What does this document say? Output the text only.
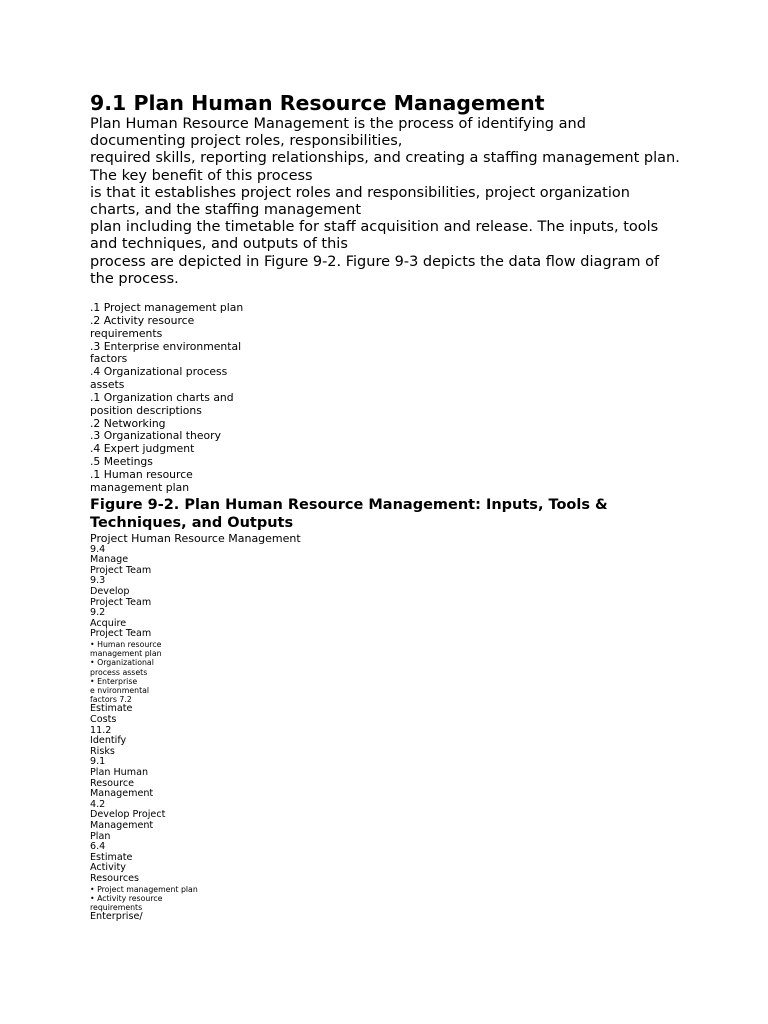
9.1 Plan Human Resource Management

Plan Human Resource Management is the process of identifying and
documenting project roles, responsibilities,
required skills, reporting relationships, and creating a staffing management plan.
The key benefit of this process
is that it establishes project roles and responsibilities, project organization
charts, and the staffing management
plan including the timetable for staff acquisition and release. The inputs, tools
and techniques, and outputs of this
process are depicted in Figure 9-2. Figure 9-3 depicts the data flow diagram of
the process.

.1 Project management plan
.2 Activity resource
requirements
.3 Enterprise environmental
factors
.4 Organizational process
assets
.1 Organization charts and
position descriptions
.2 Networking
.3 Organizational theory
.4 Expert judgment
.5 Meetings
.1 Human resource
management plan
Figure 9-2. Plan Human Resource Management: Inputs, Tools &
Techniques, and Outputs
Project Human Resource Management
9.4
Manage
Project Team
9.3
Develop
Project Team
9.2
Acquire
Project Team
• Human resource
management plan
• Organizational
process assets
• Enterprise
e nvironmental
factors 7.2
Estimate
Costs
11.2
Identify
Risks
9.1
Plan Human
Resource
Management
4.2
Develop Project
Management
Plan
6.4
Estimate
Activity
Resources
• Project management plan
• Activity resource
requirements
Enterprise/
